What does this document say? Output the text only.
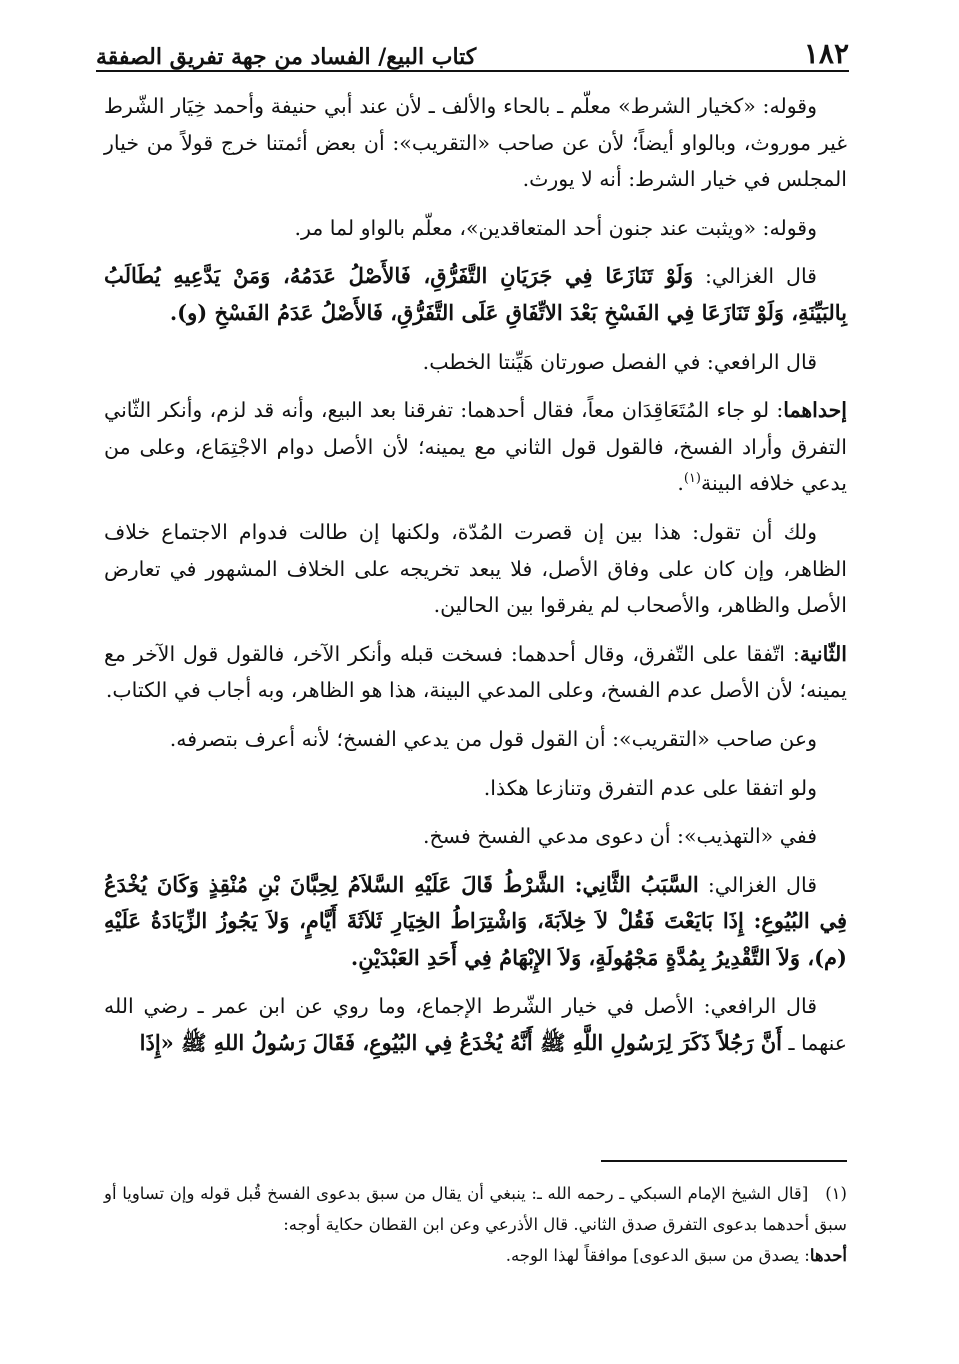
١٨٢
كتاب البيع/ الفساد من جهة تفريق الصفقة

وقوله: «كخيار الشرط» معلّم ـ بالحاء والألف ـ لأن عند أبي حنيفة وأحمد خِيَار الشّرط غير موروث، وبالواو أيضاً؛ لأن عن صاحب «التقريب»: أن بعض أئمتنا خرج قولاً من خيار المجلس في خيار الشرط: أنه لا يورث.

وقوله: «ويثبت عند جنون أحد المتعاقدين»، معلّم بالواو لما مر.

قال الغزالي: وَلَوْ تَنَازَعَا فِي جَرَيَانِ التَّفَرُّقِ، فَالأَصْلُ عَدَمُهُ، وَمَنْ يَدَّعِيهِ يُطَالَبُ بِالبَيِّنَةِ، وَلَوْ تَنَازَعَا فِي الفَسْخِ بَعْدَ الاتِّفَاقِ عَلَى التَّفَرُّقِ، فَالأَصْلُ عَدَمُ الفَسْخِ (و).

قال الرافعي: في الفصل صورتان هَيِّنتا الخطب.

إحداهما: لو جاء المُتَعَاقِدَان معاً، فقال أحدهما: تفرقنا بعد البيع، وأنه قد لزم، وأنكر الثّاني التفرق وأراد الفسخ، فالقول قول الثاني مع يمينه؛ لأن الأصل دوام الاجْتِمَاع، وعلى من يدعي خلافه البينة$^{(١)}$.

ولك أن تقول: هذا بين إن قصرت المُدّة، ولكنها إن طالت فدوام الاجتماع خلاف الظاهر، وإن كان على وفاق الأصل، فلا يبعد تخريجه على الخلاف المشهور في تعارض الأصل والظاهر، والأصحاب لم يفرقوا بين الحالين.

الثّانية: اتّفقا على التّفرق، وقال أحدهما: فسخت قبله وأنكر الآخر، فالقول قول الآخر مع يمينه؛ لأن الأصل عدم الفسخ، وعلى المدعي البينة، هذا هو الظاهر، وبه أجاب في الكتاب.

وعن صاحب «التقريب»: أن القول قول من يدعي الفسخ؛ لأنه أعرف بتصرفه.

ولو اتفقا على عدم التفرق وتنازعا هكذا.

ففي «التهذيب»: أن دعوى مدعي الفسخ فسخ.

قال الغزالي: السَّبَبُ الثَّانِي: الشَّرْطُ قَالَ عَلَيْهِ السَّلاَمُ لِحِبَّانَ بْنِ مُنْقِذٍ وَكَانَ يُخْدَعُ فِي البُيُوعِ: إِذَا بَايَعْتَ فَقُلْ لاَ خِلاَبَةَ، وَاشْتِرَاطُ الخِيَارِ ثَلاَثَةَ أَيَّامٍ، وَلاَ يَجُوزُ الزِّيَادَةُ عَلَيْهِ (م)، وَلاَ التَّقْدِيرُ بِمُدَّةٍ مَجْهُولَةٍ، وَلاَ الإِبْهَامُ فِي أَحَدِ العَبْدَيْنِ.

قال الرافعي: الأصل في خيار الشّرط الإجماع، وما روي عن ابن عمر ـ رضي الله عنهما ـ أَنَّ رَجُلاً ذَكَرَ لِرَسُولِ اللَّهِ ﷺ أَنَّهُ يُخْدَعُ فِي البُيُوعِ، فَقَالَ رَسُولُ اللهِ ﷺ «إِذَا

(١)   [قال الشيخ الإمام السبكي ـ رحمه الله ـ: ينبغي أن يقال من سبق بدعوى الفسخ قُبل قوله وإن تساويا أو سبق أحدهما بدعوى التفرق صدق الثاني. قال الأذرعي وعن ابن القطان حكاية أوجه:

أحدها: يصدق من سبق الدعوى] موافقاً لهذا الوجه.
